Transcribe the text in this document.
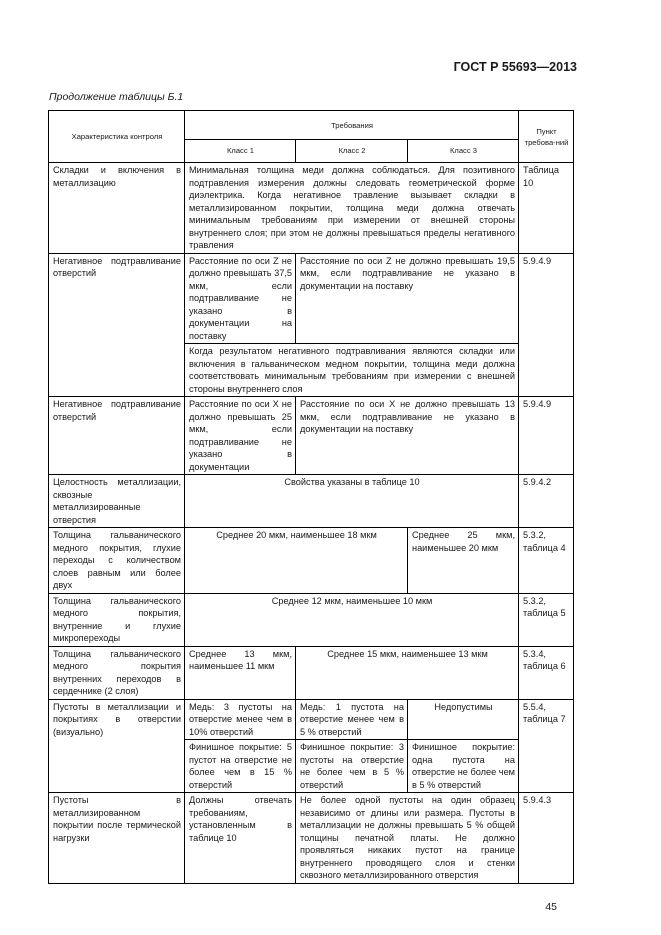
ГОСТ Р 55693—2013
Продолжение таблицы Б.1
Характеристика контроля	Требования			Пункт требова-ний
	Класс 1	Класс 2	Класс 3	
Складки и включения в металлизацию	Минимальная толщина меди должна соблюдаться. Для позитивного подтравления измерения должны следовать геометрической форме диэлектрика. Когда негативное травление вызывает складки в металлизированном покрытии, толщина меди должна отвечать минимальным требованиям при измерении от внешней стороны внутреннего слоя; при этом не должны превышаться пределы негативного травления			Таблица 10
Негативное подтравливание отверстий	Расстояние по оси Z не должно превышать 37,5 мкм, если подтравливание не указано в документации на поставку	Расстояние по оси Z не должно превышать 19,5 мкм, если подтравливание не указано в документации на поставку		5.9.4.9
	Когда результатом негативного подтравливания являются складки или включения в гальваническом медном покрытии, толщина меди должна соответствовать минимальным требованиям при измерении с внешней стороны внутреннего слоя			
Негативное подтравливание отверстий	Расстояние по оси X не должно превышать 25 мкм, если подтравливание не указано в документации	Расстояние по оси X не должно превышать 13 мкм, если подтравливание не указано в документации на поставку		5.9.4.9
Целостность металлизации, сквозные металлизированные отверстия	Свойства указаны в таблице 10			5.9.4.2
Толщина гальванического медного покрытия, глухие переходы с количеством слоев равным или более двух	Среднее 20 мкм, наименьшее 18 мкм		Среднее 25 мкм, наименьшее 20 мкм	5.3.2, таблица 4
Толщина гальванического медного покрытия, внутренние и глухие микропереходы	Среднее 12 мкм, наименьшее 10 мкм			5.3.2, таблица 5
Толщина гальванического медного покрытия внутренних переходов в сердечнике (2 слоя)	Среднее 13 мкм, наименьшее 11 мкм	Среднее 15 мкм, наименьшее 13 мкм		5.3.4, таблица 6
Пустоты в металлизации и покрытиях в отверстии (визуально)	Медь: 3 пустоты на отверстие менее чем в 10% отверстий	Медь: 1 пустота на отверстие менее чем в 5 % отверстий	Недопустимы	5.5.4, таблица 7
	Финишное покрытие: 5 пустот на отверстие не более чем в 15 % отверстий	Финишное покрытие: 3 пустоты на отверстие не более чем в 5 % отверстий	Финишное покрытие: одна пустота на отверстие не более чем в 5 % отверстий	
Пустоты в металлизированном покрытии после термической нагрузки	Должны отвечать требованиям, установленным в таблице 10	Не более одной пустоты на один образец независимо от длины или размера. Пустоты в металлизации не должны превышать 5 % общей толщины печатной платы. Не должно проявляться никаких пустот на границе внутреннего проводящего слоя и стенки сквозного металлизированного отверстия		5.9.4.3
45
